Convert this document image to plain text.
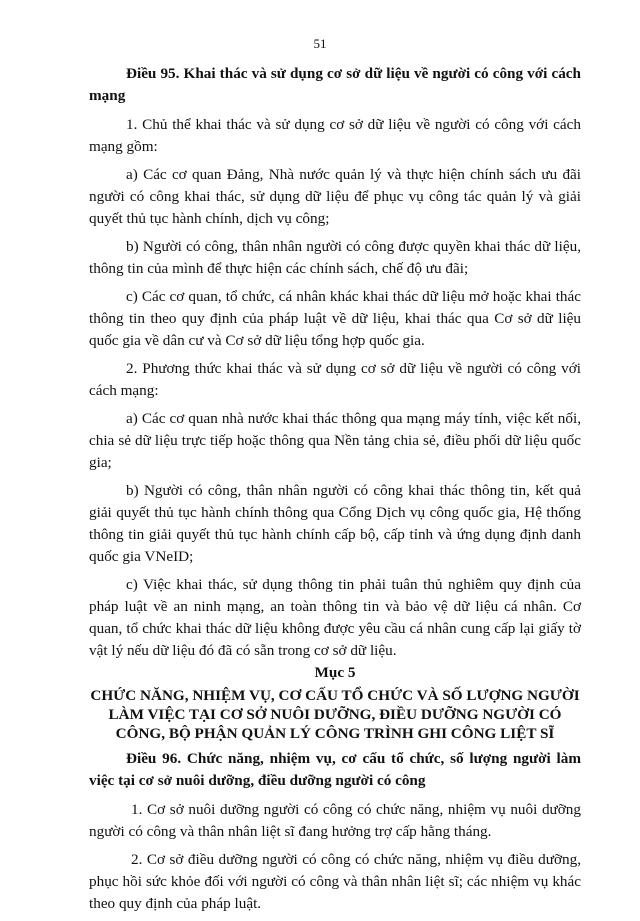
51

Điều 95. Khai thác và sử dụng cơ sở dữ liệu về người có công với cách mạng

1. Chủ thể khai thác và sử dụng cơ sở dữ liệu về người có công với cách mạng gồm:

a) Các cơ quan Đảng, Nhà nước quản lý và thực hiện chính sách ưu đãi người có công khai thác, sử dụng dữ liệu để phục vụ công tác quản lý và giải quyết thủ tục hành chính, dịch vụ công;

b) Người có công, thân nhân người có công được quyền khai thác dữ liệu, thông tin của mình để thực hiện các chính sách, chế độ ưu đãi;

c) Các cơ quan, tổ chức, cá nhân khác khai thác dữ liệu mở hoặc khai thác thông tin theo quy định của pháp luật về dữ liệu, khai thác qua Cơ sở dữ liệu quốc gia về dân cư và Cơ sở dữ liệu tổng hợp quốc gia.

2. Phương thức khai thác và sử dụng cơ sở dữ liệu về người có công với cách mạng:

a) Các cơ quan nhà nước khai thác thông qua mạng máy tính, việc kết nối, chia sẻ dữ liệu trực tiếp hoặc thông qua Nền tảng chia sẻ, điều phối dữ liệu quốc gia;

b) Người có công, thân nhân người có công khai thác thông tin, kết quả giải quyết thủ tục hành chính thông qua Cổng Dịch vụ công quốc gia, Hệ thống thông tin giải quyết thủ tục hành chính cấp bộ, cấp tỉnh và ứng dụng định danh quốc gia VNeID;

c) Việc khai thác, sử dụng thông tin phải tuân thủ nghiêm quy định của pháp luật về an ninh mạng, an toàn thông tin và bảo vệ dữ liệu cá nhân. Cơ quan, tổ chức khai thác dữ liệu không được yêu cầu cá nhân cung cấp lại giấy tờ vật lý nếu dữ liệu đó đã có sẵn trong cơ sở dữ liệu.

Mục 5

CHỨC NĂNG, NHIỆM VỤ, CƠ CẤU TỔ CHỨC VÀ SỐ LƯỢNG NGƯỜI LÀM VIỆC TẠI CƠ SỞ NUÔI DƯỠNG, ĐIỀU DƯỠNG NGƯỜI CÓ CÔNG, BỘ PHẬN QUẢN LÝ CÔNG TRÌNH GHI CÔNG LIỆT SĨ

Điều 96. Chức năng, nhiệm vụ, cơ cấu tổ chức, số lượng người làm việc tại cơ sở nuôi dưỡng, điều dưỡng người có công

1. Cơ sở nuôi dưỡng người có công có chức năng, nhiệm vụ nuôi dưỡng người có công và thân nhân liệt sĩ đang hưởng trợ cấp hằng tháng.

2. Cơ sở điều dưỡng người có công có chức năng, nhiệm vụ điều dưỡng, phục hồi sức khỏe đối với người có công và thân nhân liệt sĩ; các nhiệm vụ khác theo quy định của pháp luật.
